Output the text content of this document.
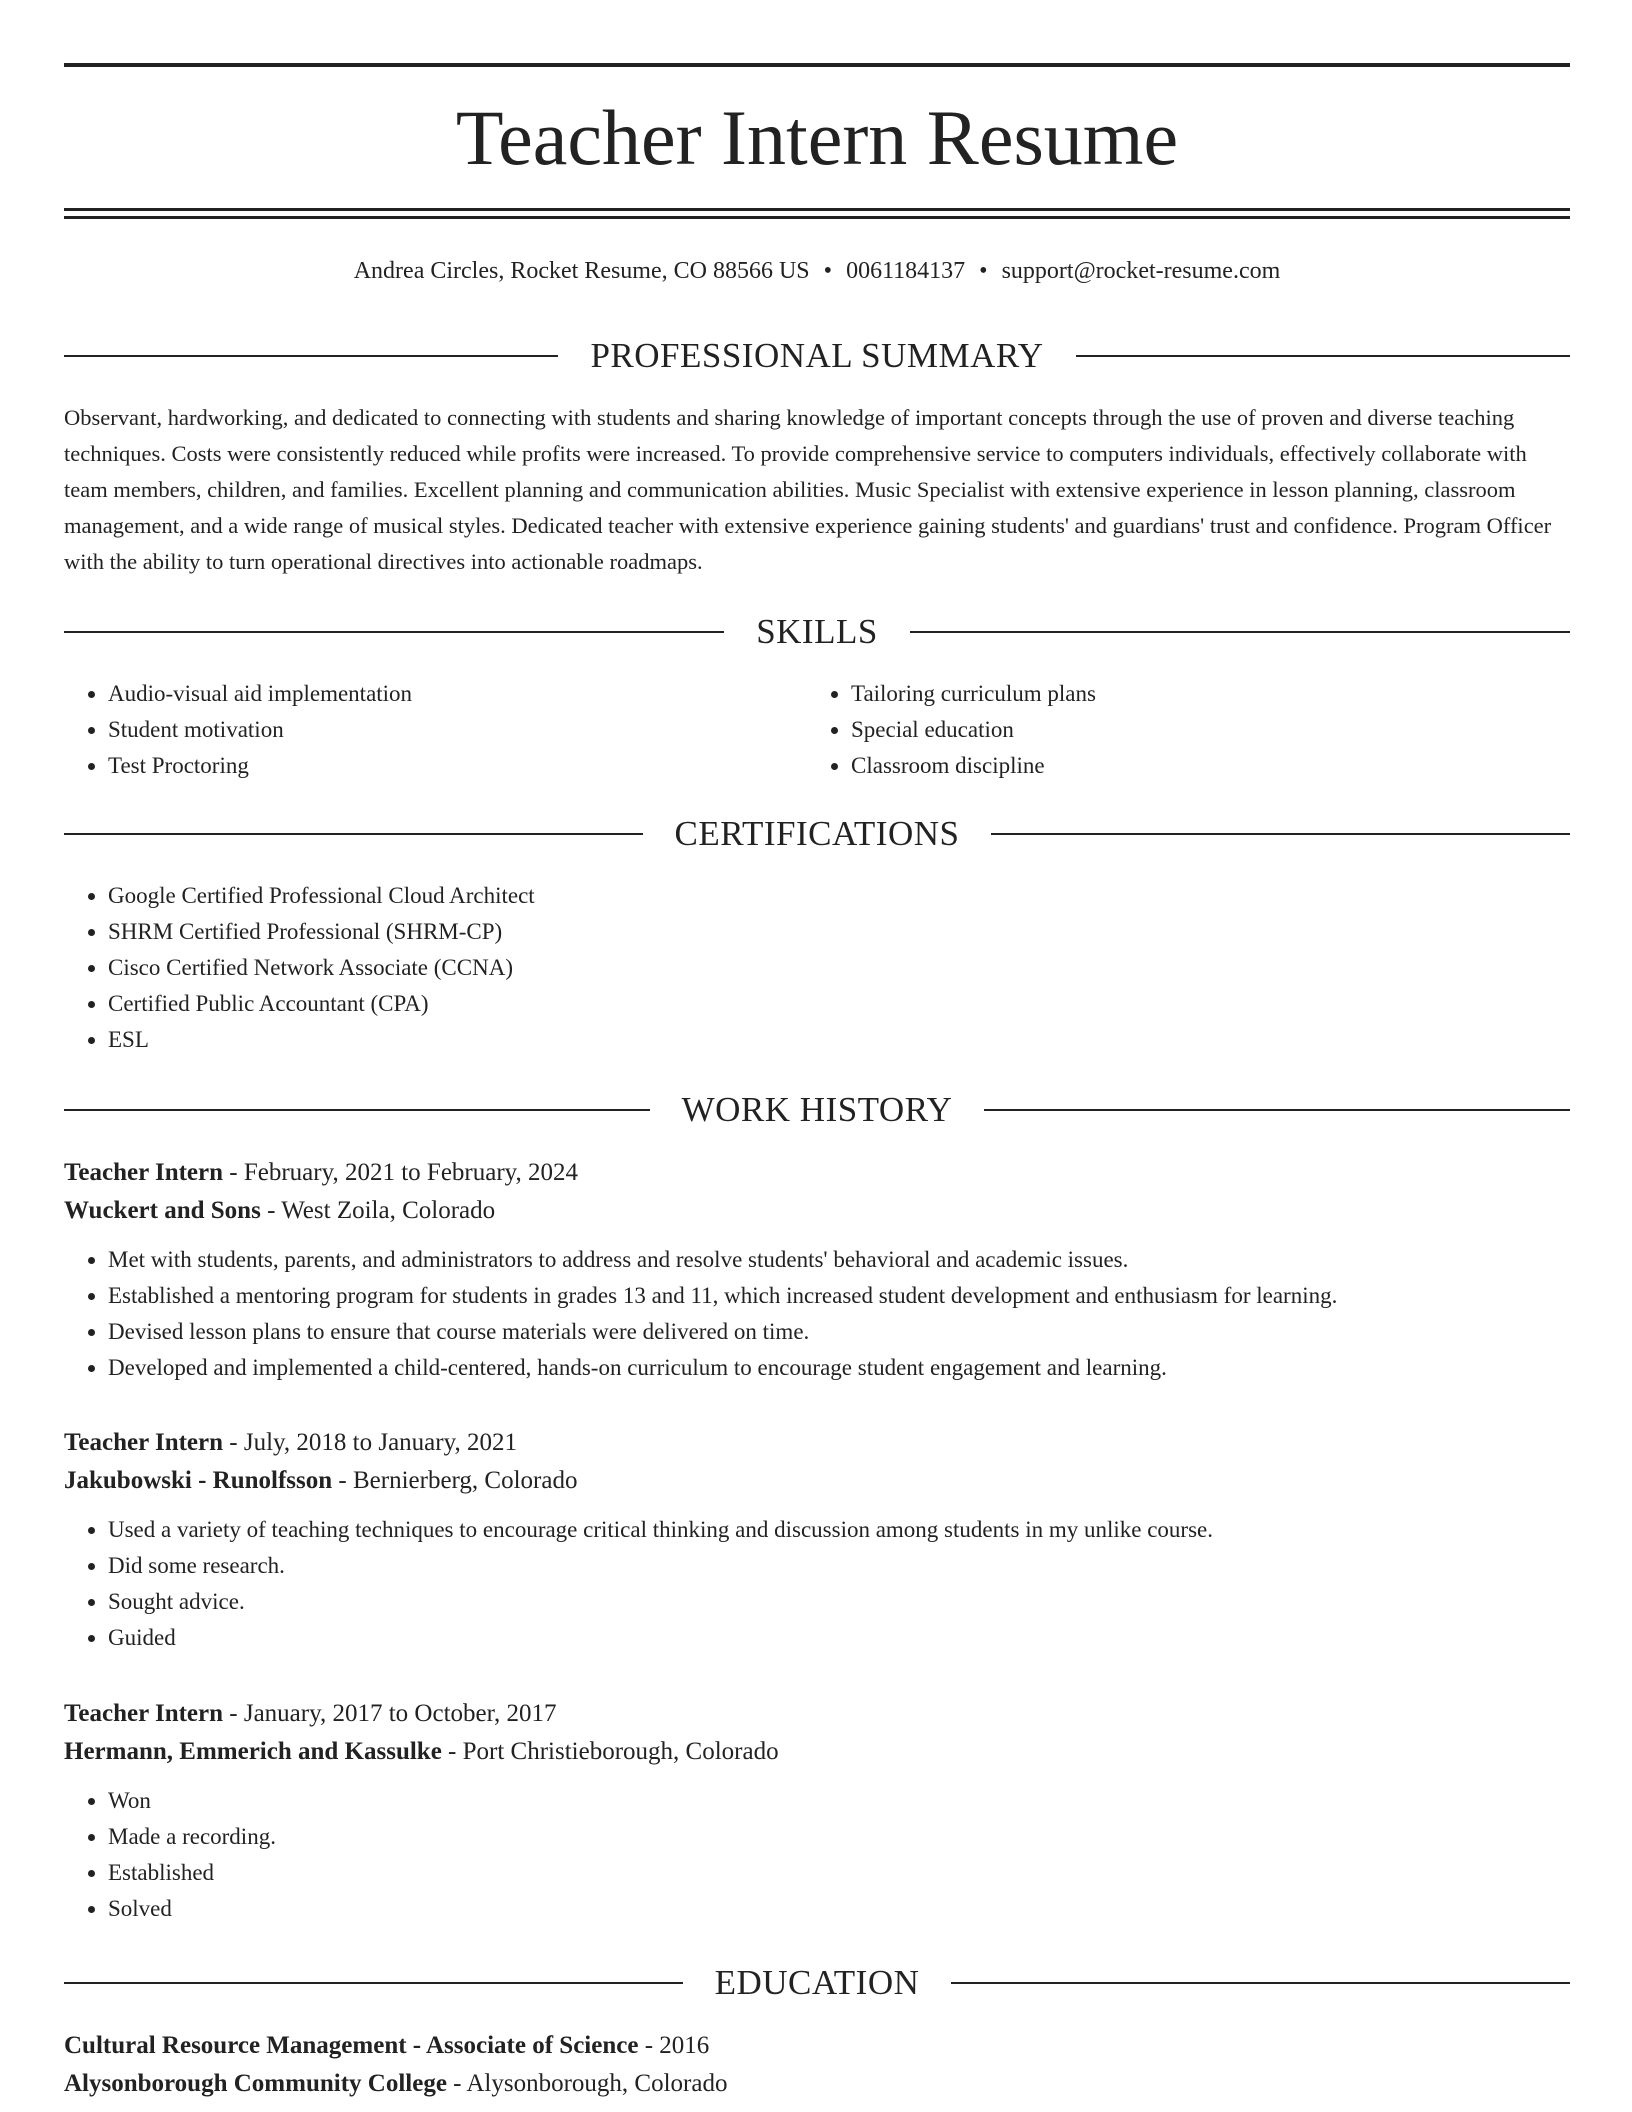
Teacher Intern Resume
Andrea Circles, Rocket Resume, CO 88566 US • 0061184137 • support@rocket-resume.com
PROFESSIONAL SUMMARY

Observant, hardworking, and dedicated to connecting with students and sharing knowledge of important concepts through the use of proven and diverse teaching techniques. Costs were consistently reduced while profits were increased. To provide comprehensive service to computers individuals, effectively collaborate with team members, children, and families. Excellent planning and communication abilities. Music Specialist with extensive experience in lesson planning, classroom management, and a wide range of musical styles. Dedicated teacher with extensive experience gaining students' and guardians' trust and confidence. Program Officer with the ability to turn operational directives into actionable roadmaps.

SKILLS
• Audio-visual aid implementation
• Student motivation
• Test Proctoring
• Tailoring curriculum plans
• Special education
• Classroom discipline
CERTIFICATIONS
• Google Certified Professional Cloud Architect
• SHRM Certified Professional (SHRM-CP)
• Cisco Certified Network Associate (CCNA)
• Certified Public Accountant (CPA)
• ESL
WORK HISTORY
Teacher Intern - February, 2021 to February, 2024
Wuckert and Sons - West Zoila, Colorado
• Met with students, parents, and administrators to address and resolve students' behavioral and academic issues.
• Established a mentoring program for students in grades 13 and 11, which increased student development and enthusiasm for learning.
• Devised lesson plans to ensure that course materials were delivered on time.
• Developed and implemented a child-centered, hands-on curriculum to encourage student engagement and learning.
Teacher Intern - July, 2018 to January, 2021
Jakubowski - Runolfsson - Bernierberg, Colorado
• Used a variety of teaching techniques to encourage critical thinking and discussion among students in my unlike course.
• Did some research.
• Sought advice.
• Guided
Teacher Intern - January, 2017 to October, 2017
Hermann, Emmerich and Kassulke - Port Christieborough, Colorado
• Won
• Made a recording.
• Established
• Solved
EDUCATION
Cultural Resource Management - Associate of Science - 2016
Alysonborough Community College - Alysonborough, Colorado
